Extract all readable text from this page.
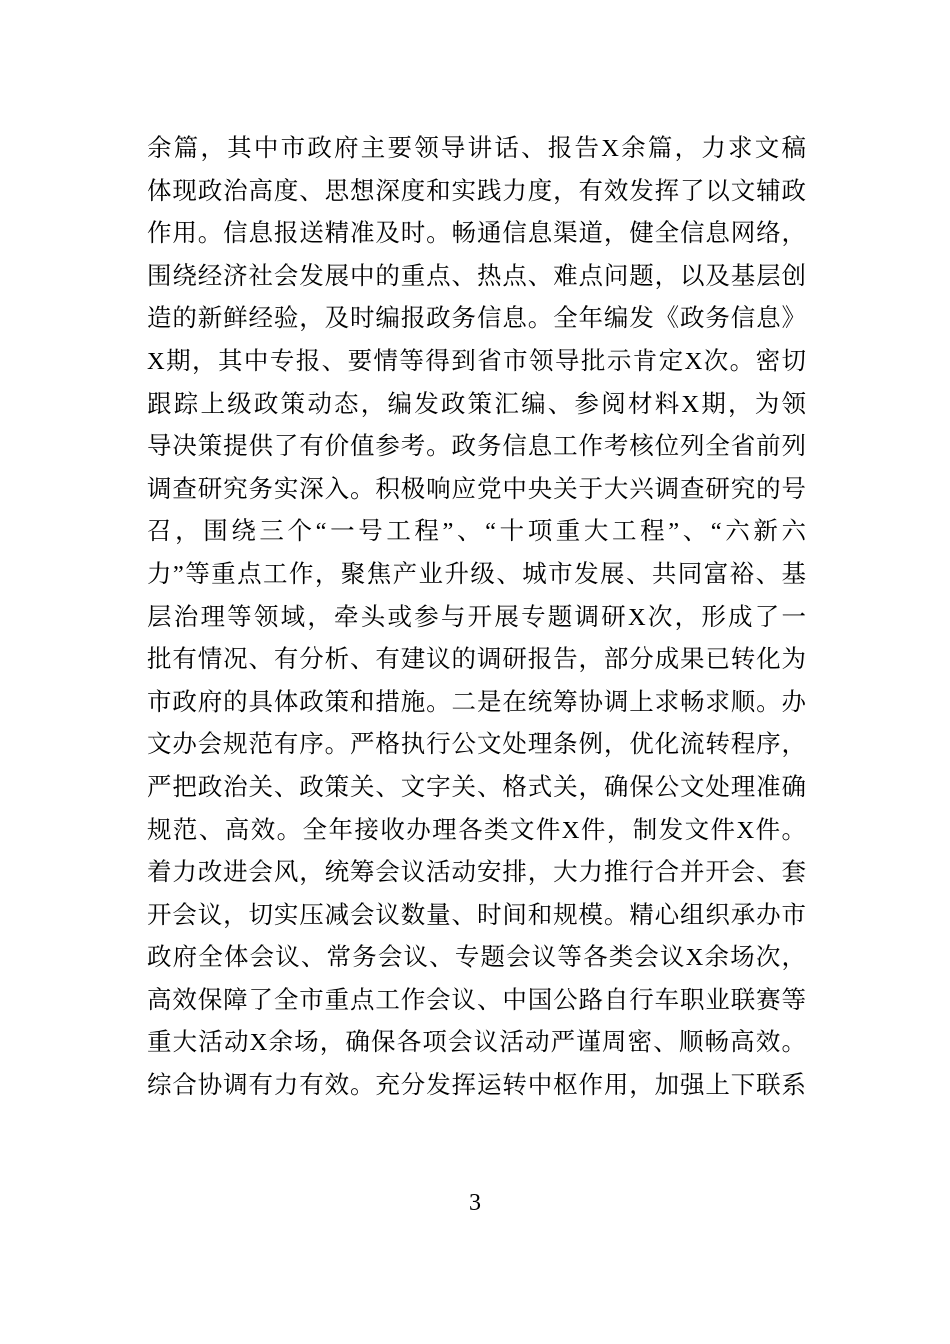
余篇，其中市政府主要领导讲话、报告X余篇，力求文稿
体现政治高度、思想深度和实践力度，有效发挥了以文辅政
作用。信息报送精准及时。畅通信息渠道，健全信息网络，
围绕经济社会发展中的重点、热点、难点问题，以及基层创
造的新鲜经验，及时编报政务信息。全年编发《政务信息》
X期，其中专报、要情等得到省市领导批示肯定X次。密切
跟踪上级政策动态，编发政策汇编、参阅材料X期，为领
导决策提供了有价值参考。政务信息工作考核位列全省前列
调查研究务实深入。积极响应党中央关于大兴调查研究的号
召，围绕三个“一号工程”、“十项重大工程”、“六新六
力”等重点工作，聚焦产业升级、城市发展、共同富裕、基
层治理等领域，牵头或参与开展专题调研X次，形成了一
批有情况、有分析、有建议的调研报告，部分成果已转化为
市政府的具体政策和措施。二是在统筹协调上求畅求顺。办
文办会规范有序。严格执行公文处理条例，优化流转程序，
严把政治关、政策关、文字关、格式关，确保公文处理准确
规范、高效。全年接收办理各类文件X件，制发文件X件。
着力改进会风，统筹会议活动安排，大力推行合并开会、套
开会议，切实压减会议数量、时间和规模。精心组织承办市
政府全体会议、常务会议、专题会议等各类会议X余场次，
高效保障了全市重点工作会议、中国公路自行车职业联赛等
重大活动X余场，确保各项会议活动严谨周密、顺畅高效。
综合协调有力有效。充分发挥运转中枢作用，加强上下联系
3
